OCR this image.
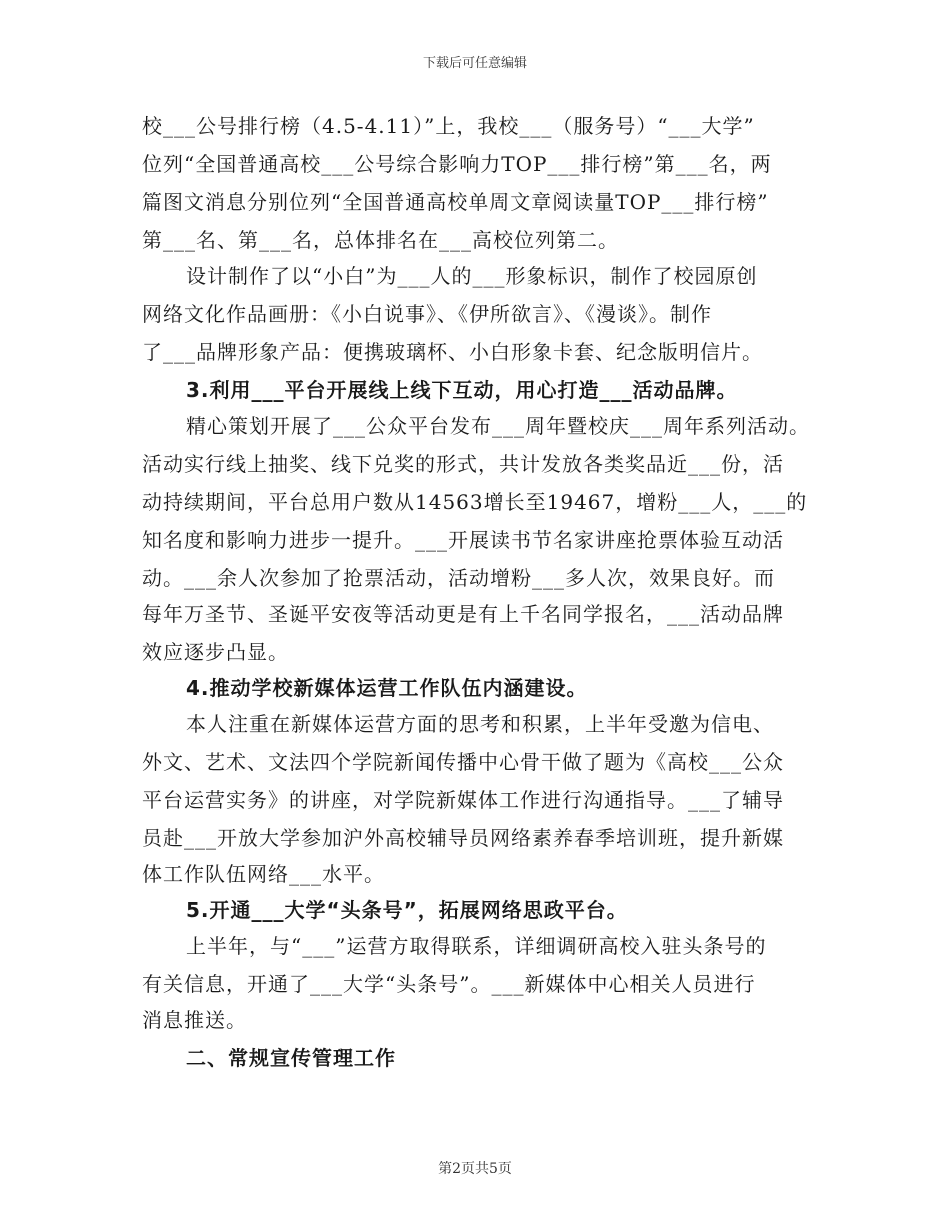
下载后可任意编辑
校___公号排行榜（4.5-4.11）”上，我校___（服务号）“___大学”
位列“全国普通高校___公号综合影响力TOP___排行榜”第___名，两
篇图文消息分别位列“全国普通高校单周文章阅读量TOP___排行榜”
第___名、第___名，总体排名在___高校位列第二。
设计制作了以“小白”为___人的___形象标识，制作了校园原创
网络文化作品画册：《小白说事》、《伊所欲言》、《漫谈》。制作
了___品牌形象产品：便携玻璃杯、小白形象卡套、纪念版明信片。
3.利用___平台开展线上线下互动，用心打造___活动品牌。
精心策划开展了___公众平台发布___周年暨校庆___周年系列活动。
活动实行线上抽奖、线下兑奖的形式，共计发放各类奖品近___份，活
动持续期间，平台总用户数从14563增长至19467，增粉___人，___的
知名度和影响力进步一提升。___开展读书节名家讲座抢票体验互动活
动。___余人次参加了抢票活动，活动增粉___多人次，效果良好。而
每年万圣节、圣诞平安夜等活动更是有上千名同学报名，___活动品牌
效应逐步凸显。
4.推动学校新媒体运营工作队伍内涵建设。
本人注重在新媒体运营方面的思考和积累，上半年受邀为信电、
外文、艺术、文法四个学院新闻传播中心骨干做了题为《高校___公众
平台运营实务》的讲座，对学院新媒体工作进行沟通指导。___了辅导
员赴___开放大学参加沪外高校辅导员网络素养春季培训班，提升新媒
体工作队伍网络___水平。
5.开通___大学“头条号”，拓展网络思政平台。
上半年，与“___”运营方取得联系，详细调研高校入驻头条号的
有关信息，开通了___大学“头条号”。___新媒体中心相关人员进行
消息推送。
二、常规宣传管理工作
第2页共5页
